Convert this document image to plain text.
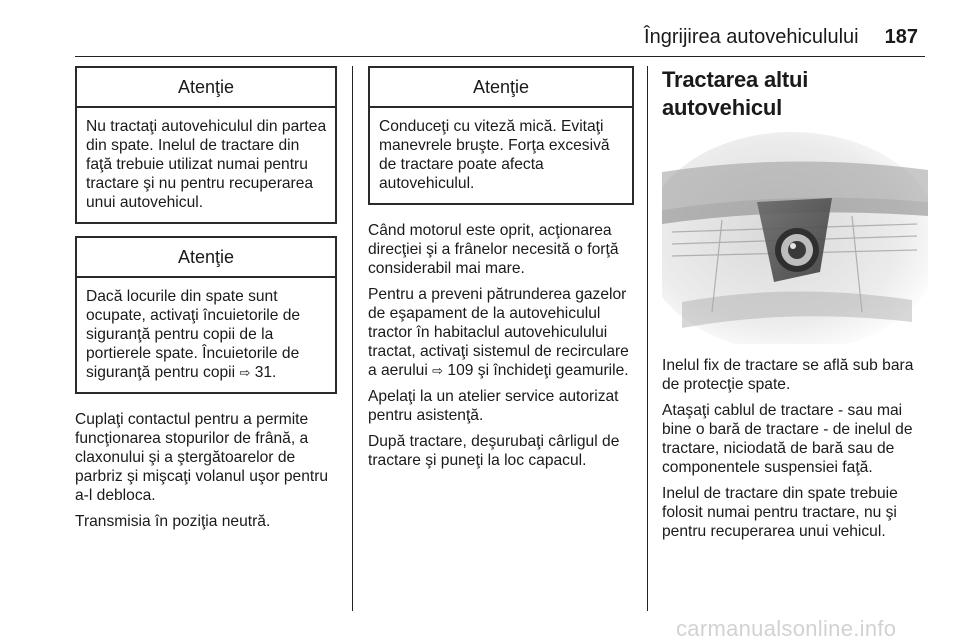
Îngrijirea autovehiculului 187
Atenţie
Nu tractaţi autovehiculul din partea din spate. Inelul de tractare din faţă trebuie utilizat numai pentru tractare şi nu pentru recuperarea unui autovehicul.
Atenţie
Dacă locurile din spate sunt ocupate, activaţi încuietorile de siguranţă pentru copii de la portierele spate. Încuietorile de siguranţă pentru copii ⇨ 31.

Cuplaţi contactul pentru a permite funcţionarea stopurilor de frână, a claxonului şi a ştergătoarelor de parbriz şi mişcaţi volanul uşor pentru a-l debloca.

Transmisia în poziţia neutră.

Atenţie
Conduceţi cu viteză mică. Evitaţi manevrele bruşte. Forţa excesivă de tractare poate afecta autovehiculul.

Când motorul este oprit, acţionarea direcţiei şi a frânelor necesită o forţă considerabil mai mare.

Pentru a preveni pătrunderea gazelor de eşapament de la autovehiculul tractor în habitaclul autovehiculului tractat, activaţi sistemul de recirculare a aerului ⇨ 109 şi închideţi geamurile.

Apelaţi la un atelier service autorizat pentru asistenţă.

După tractare, deşurubaţi cârligul de tractare şi puneţi la loc capacul.

Tractarea altui autovehicul

Inelul fix de tractare se află sub bara de protecţie spate.

Ataşaţi cablul de tractare - sau mai bine o bară de tractare - de inelul de tractare, niciodată de bară sau de componentele suspensiei faţă.

Inelul de tractare din spate trebuie folosit numai pentru tractare, nu şi pentru recuperarea unui vehicul.

carmanualsonline.info
